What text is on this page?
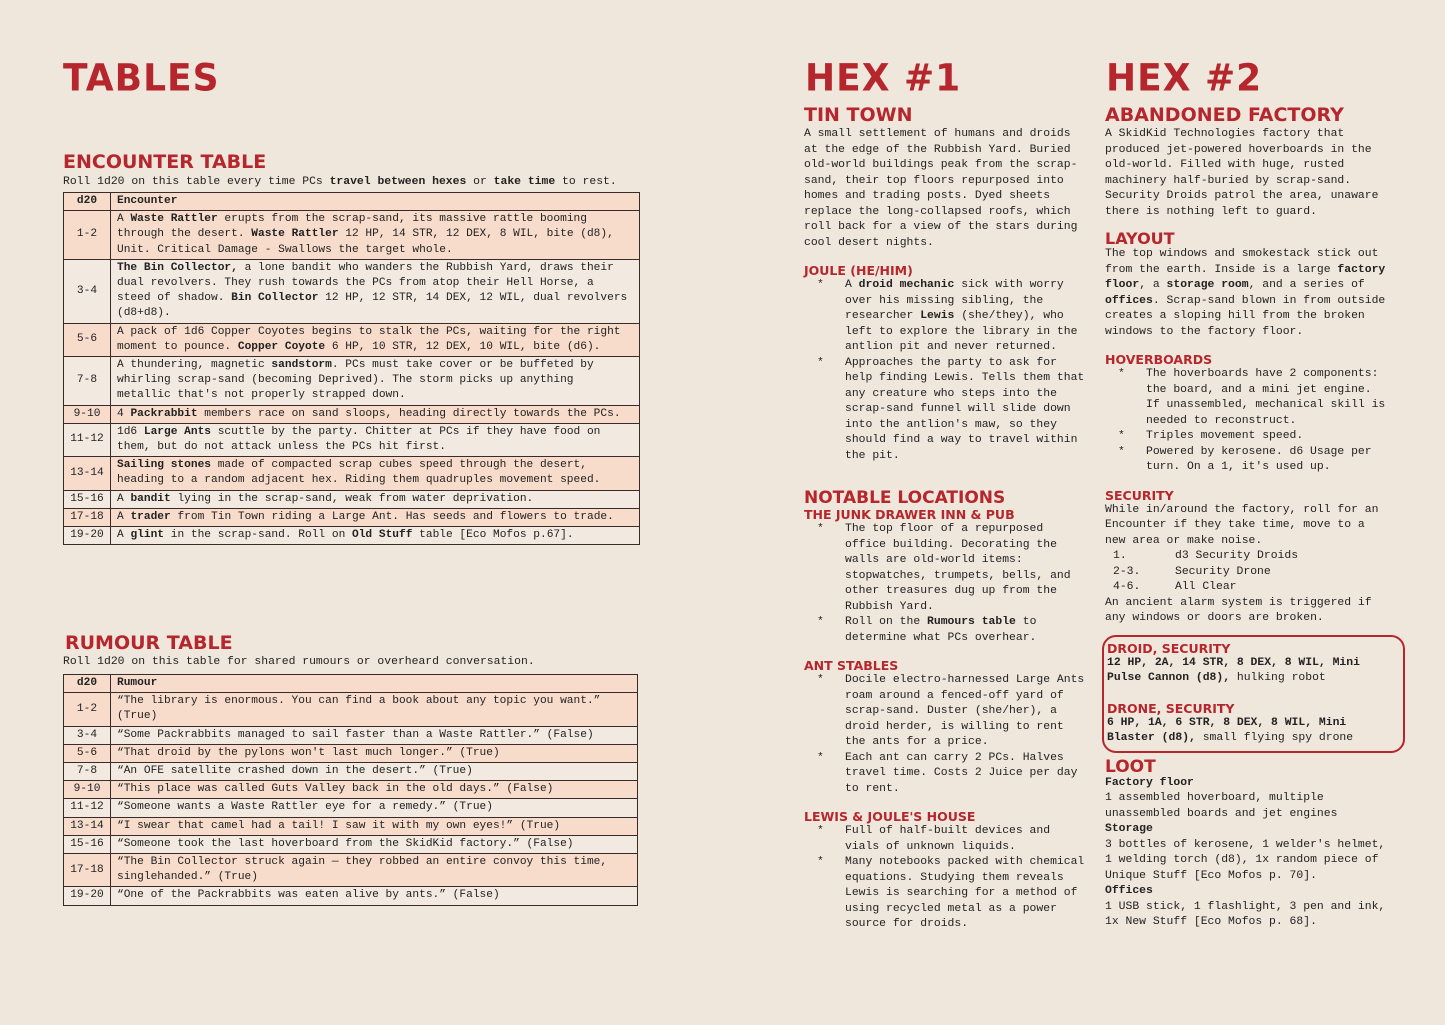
TABLES
ENCOUNTER TABLE
Roll 1d20 on this table every time PCs travel between hexes or take time to rest.
d20	Encounter
1-2	A Waste Rattler erupts from the scrap-sand, its massive rattle booming through the desert. Waste Rattler 12 HP, 14 STR, 12 DEX, 8 WIL, bite (d8), Unit. Critical Damage - Swallows the target whole.
3-4	The Bin Collector, a lone bandit who wanders the Rubbish Yard, draws their dual revolvers. They rush towards the PCs from atop their Hell Horse, a steed of shadow. Bin Collector 12 HP, 12 STR, 14 DEX, 12 WIL, dual revolvers (d8+d8).
5-6	A pack of 1d6 Copper Coyotes begins to stalk the PCs, waiting for the right moment to pounce. Copper Coyote 6 HP, 10 STR, 12 DEX, 10 WIL, bite (d6).
7-8	A thundering, magnetic sandstorm. PCs must take cover or be buffeted by whirling scrap-sand (becoming Deprived). The storm picks up anything metallic that's not properly strapped down.
9-10	4 Packrabbit members race on sand sloops, heading directly towards the PCs.
11-12	1d6 Large Ants scuttle by the party. Chitter at PCs if they have food on them, but do not attack unless the PCs hit first.
13-14	Sailing stones made of compacted scrap cubes speed through the desert, heading to a random adjacent hex. Riding them quadruples movement speed.
15-16	A bandit lying in the scrap-sand, weak from water deprivation.
17-18	A trader from Tin Town riding a Large Ant. Has seeds and flowers to trade.
19-20	A glint in the scrap-sand. Roll on Old Stuff table [Eco Mofos p.67].
RUMOUR TABLE
Roll 1d20 on this table for shared rumours or overheard conversation.
d20	Rumour
1-2	“The library is enormous. You can find a book about any topic you want.” (True)
3-4	“Some Packrabbits managed to sail faster than a Waste Rattler.” (False)
5-6	“That droid by the pylons won't last much longer.” (True)
7-8	“An OFE satellite crashed down in the desert.” (True)
9-10	“This place was called Guts Valley back in the old days.” (False)
11-12	“Someone wants a Waste Rattler eye for a remedy.” (True)
13-14	“I swear that camel had a tail! I saw it with my own eyes!” (True)
15-16	“Someone took the last hoverboard from the SkidKid factory.” (False)
17-18	“The Bin Collector struck again — they robbed an entire convoy this time, singlehanded.” (True)
19-20	“One of the Packrabbits was eaten alive by ants.” (False)
HEX #1
TIN TOWN
A small settlement of humans and droids at the edge of the Rubbish Yard. Buried old-world buildings peak from the scrap-sand, their top floors repurposed into homes and trading posts. Dyed sheets replace the long-collapsed roofs, which roll back for a view of the stars during cool desert nights.
JOULE (HE/HIM)
* A droid mechanic sick with worry over his missing sibling, the researcher Lewis (she/they), who left to explore the library in the antlion pit and never returned.
* Approaches the party to ask for help finding Lewis. Tells them that any creature who steps into the scrap-sand funnel will slide down into the antlion's maw, so they should find a way to travel within the pit.
NOTABLE LOCATIONS
THE JUNK DRAWER INN & PUB
* The top floor of a repurposed office building. Decorating the walls are old-world items: stopwatches, trumpets, bells, and other treasures dug up from the Rubbish Yard.
* Roll on the Rumours table to determine what PCs overhear.
ANT STABLES
* Docile electro-harnessed Large Ants roam around a fenced-off yard of scrap-sand. Duster (she/her), a droid herder, is willing to rent the ants for a price.
* Each ant can carry 2 PCs. Halves travel time. Costs 2 Juice per day to rent.
LEWIS & JOULE'S HOUSE
* Full of half-built devices and vials of unknown liquids.
* Many notebooks packed with chemical equations. Studying them reveals Lewis is searching for a method of using recycled metal as a power source for droids.
HEX #2
ABANDONED FACTORY
A SkidKid Technologies factory that produced jet-powered hoverboards in the old-world. Filled with huge, rusted machinery half-buried by scrap-sand. Security Droids patrol the area, unaware there is nothing left to guard.
LAYOUT
The top windows and smokestack stick out from the earth. Inside is a large factory floor, a storage room, and a series of offices. Scrap-sand blown in from outside creates a sloping hill from the broken windows to the factory floor.
HOVERBOARDS
* The hoverboards have 2 components: the board, and a mini jet engine. If unassembled, mechanical skill is needed to reconstruct.
* Triples movement speed.
* Powered by kerosene. d6 Usage per turn. On a 1, it's used up.
SECURITY
While in/around the factory, roll for an Encounter if they take time, move to a new area or make noise.
1.	d3 Security Droids
2-3.	Security Drone
4-6.	All Clear
An ancient alarm system is triggered if any windows or doors are broken.
DROID, SECURITY
12 HP, 2A, 14 STR, 8 DEX, 8 WIL, Mini Pulse Cannon (d8), hulking robot
DRONE, SECURITY
6 HP, 1A, 6 STR, 8 DEX, 8 WIL, Mini Blaster (d8), small flying spy drone
LOOT
Factory floor
1 assembled hoverboard, multiple unassembled boards and jet engines
Storage
3 bottles of kerosene, 1 welder's helmet, 1 welding torch (d8), 1x random piece of Unique Stuff [Eco Mofos p. 70].
Offices
1 USB stick, 1 flashlight, 3 pen and ink, 1x New Stuff [Eco Mofos p. 68].
